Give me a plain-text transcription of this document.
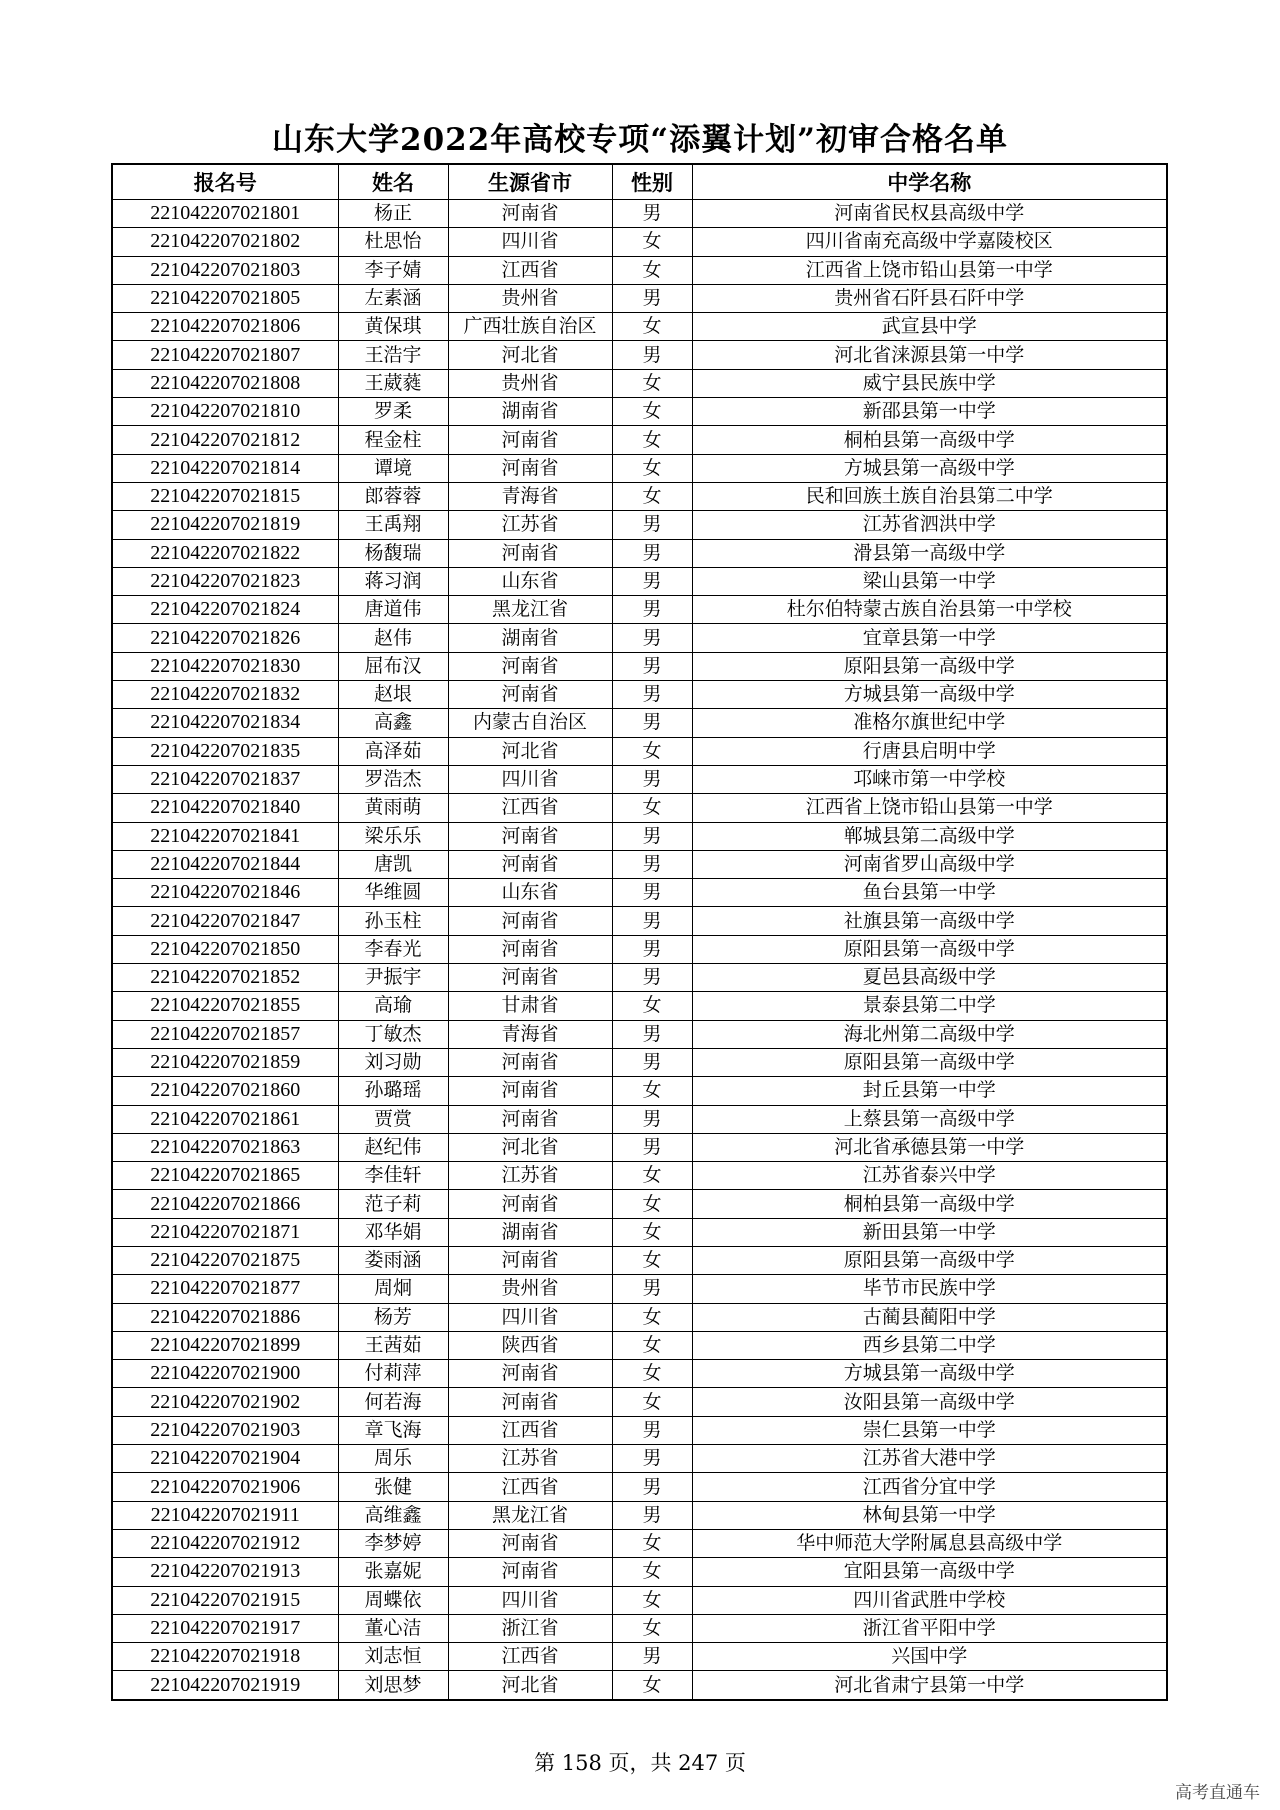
山东大学2022年高校专项“添翼计划”初审合格名单
报名号	姓名	生源省市	性别	中学名称
221042207021801	杨正	河南省	男	河南省民权县高级中学
221042207021802	杜思怡	四川省	女	四川省南充高级中学嘉陵校区
221042207021803	李子婧	江西省	女	江西省上饶市铅山县第一中学
221042207021805	左素涵	贵州省	男	贵州省石阡县石阡中学
221042207021806	黄保琪	广西壮族自治区	女	武宣县中学
221042207021807	王浩宇	河北省	男	河北省涞源县第一中学
221042207021808	王葳蕤	贵州省	女	威宁县民族中学
221042207021810	罗柔	湖南省	女	新邵县第一中学
221042207021812	程金柱	河南省	女	桐柏县第一高级中学
221042207021814	谭境	河南省	女	方城县第一高级中学
221042207021815	郎蓉蓉	青海省	女	民和回族土族自治县第二中学
221042207021819	王禹翔	江苏省	男	江苏省泗洪中学
221042207021822	杨馥瑞	河南省	男	滑县第一高级中学
221042207021823	蒋习润	山东省	男	梁山县第一中学
221042207021824	唐道伟	黑龙江省	男	杜尔伯特蒙古族自治县第一中学校
221042207021826	赵伟	湖南省	男	宜章县第一中学
221042207021830	屈布汉	河南省	男	原阳县第一高级中学
221042207021832	赵垠	河南省	男	方城县第一高级中学
221042207021834	高鑫	内蒙古自治区	男	准格尔旗世纪中学
221042207021835	高泽茹	河北省	女	行唐县启明中学
221042207021837	罗浩杰	四川省	男	邛崃市第一中学校
221042207021840	黄雨萌	江西省	女	江西省上饶市铅山县第一中学
221042207021841	梁乐乐	河南省	男	郸城县第二高级中学
221042207021844	唐凯	河南省	男	河南省罗山高级中学
221042207021846	华维圆	山东省	男	鱼台县第一中学
221042207021847	孙玉柱	河南省	男	社旗县第一高级中学
221042207021850	李春光	河南省	男	原阳县第一高级中学
221042207021852	尹振宇	河南省	男	夏邑县高级中学
221042207021855	高瑜	甘肃省	女	景泰县第二中学
221042207021857	丁敏杰	青海省	男	海北州第二高级中学
221042207021859	刘习勋	河南省	男	原阳县第一高级中学
221042207021860	孙璐瑶	河南省	女	封丘县第一中学
221042207021861	贾赏	河南省	男	上蔡县第一高级中学
221042207021863	赵纪伟	河北省	男	河北省承德县第一中学
221042207021865	李佳轩	江苏省	女	江苏省泰兴中学
221042207021866	范子莉	河南省	女	桐柏县第一高级中学
221042207021871	邓华娟	湖南省	女	新田县第一中学
221042207021875	娄雨涵	河南省	女	原阳县第一高级中学
221042207021877	周炯	贵州省	男	毕节市民族中学
221042207021886	杨芳	四川省	女	古蔺县蔺阳中学
221042207021899	王茜茹	陕西省	女	西乡县第二中学
221042207021900	付莉萍	河南省	女	方城县第一高级中学
221042207021902	何若海	河南省	女	汝阳县第一高级中学
221042207021903	章飞海	江西省	男	崇仁县第一中学
221042207021904	周乐	江苏省	男	江苏省大港中学
221042207021906	张健	江西省	男	江西省分宜中学
221042207021911	高维鑫	黑龙江省	男	林甸县第一中学
221042207021912	李梦婷	河南省	女	华中师范大学附属息县高级中学
221042207021913	张嘉妮	河南省	女	宜阳县第一高级中学
221042207021915	周蝶依	四川省	女	四川省武胜中学校
221042207021917	董心洁	浙江省	女	浙江省平阳中学
221042207021918	刘志恒	江西省	男	兴国中学
221042207021919	刘思梦	河北省	女	河北省肃宁县第一中学
第 158 页，共 247 页
高考直通车
